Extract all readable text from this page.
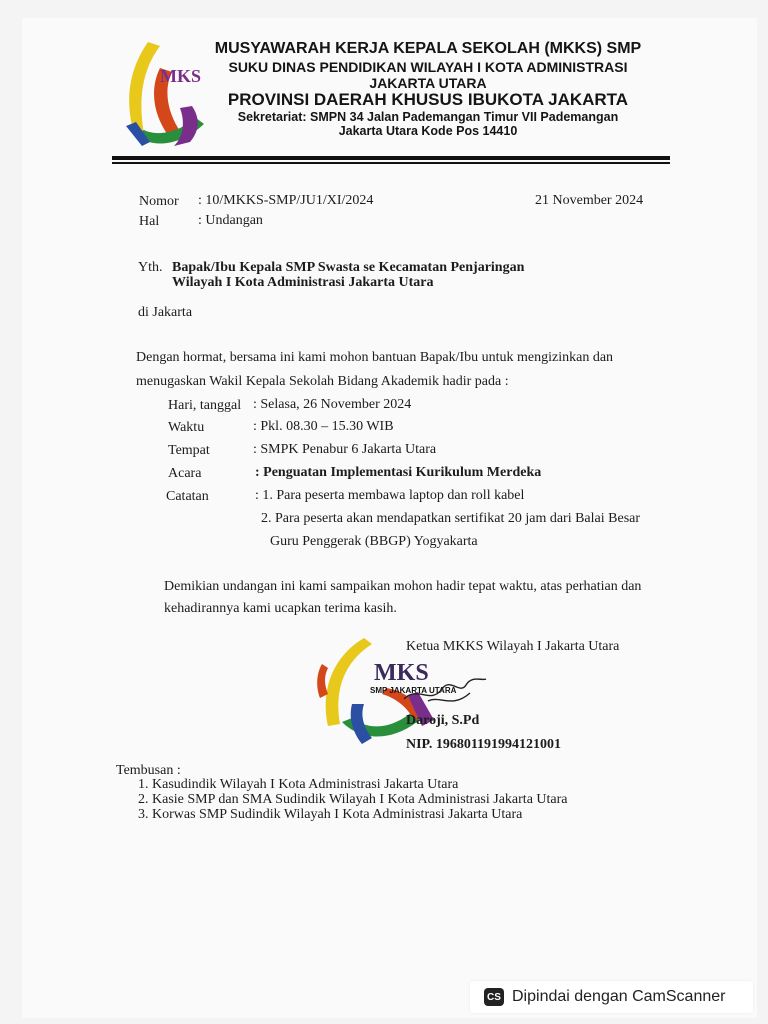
MKS
MUSYAWARAH KERJA KEPALA SEKOLAH (MKKS) SMP
SUKU DINAS PENDIDIKAN WILAYAH I KOTA ADMINISTRASI
JAKARTA UTARA
PROVINSI DAERAH KHUSUS IBUKOTA JAKARTA
Sekretariat: SMPN 34 Jalan Pademangan Timur VII Pademangan
Jakarta Utara Kode Pos 14410
Nomor : 10/MKKS-SMP/JU1/XI/2024	21 November 2024
Hal	: Undangan
Yth. Bapak/Ibu Kepala SMP Swasta se Kecamatan Penjaringan
Wilayah I Kota Administrasi Jakarta Utara
di Jakarta
Dengan hormat, bersama ini kami mohon bantuan Bapak/Ibu untuk mengizinkan dan
menugaskan Wakil Kepala Sekolah Bidang Akademik hadir pada :
Hari, tanggal : Selasa, 26 November 2024
Waktu	: Pkl. 08.30 – 15.30 WIB
Tempat	: SMPK Penabur 6 Jakarta Utara
Acara	: Penguatan Implementasi Kurikulum Merdeka
Catatan	: 1. Para peserta membawa laptop dan roll kabel
2. Para peserta akan mendapatkan sertifikat 20 jam dari Balai Besar
Guru Penggerak (BBGP) Yogyakarta
Demikian undangan ini kami sampaikan mohon hadir tepat waktu, atas perhatian dan
kehadirannya kami ucapkan terima kasih.
Ketua MKKS Wilayah I Jakarta Utara
MKS
SMP JAKARTA UTARA
Daroji, S.Pd
NIP. 196801191994121001
Tembusan :
1. Kasudindik Wilayah I Kota Administrasi Jakarta Utara
2. Kasie SMP dan SMA Sudindik Wilayah I Kota Administrasi Jakarta Utara
3. Korwas SMP Sudindik Wilayah I Kota Administrasi Jakarta Utara
CS Dipindai dengan CamScanner
